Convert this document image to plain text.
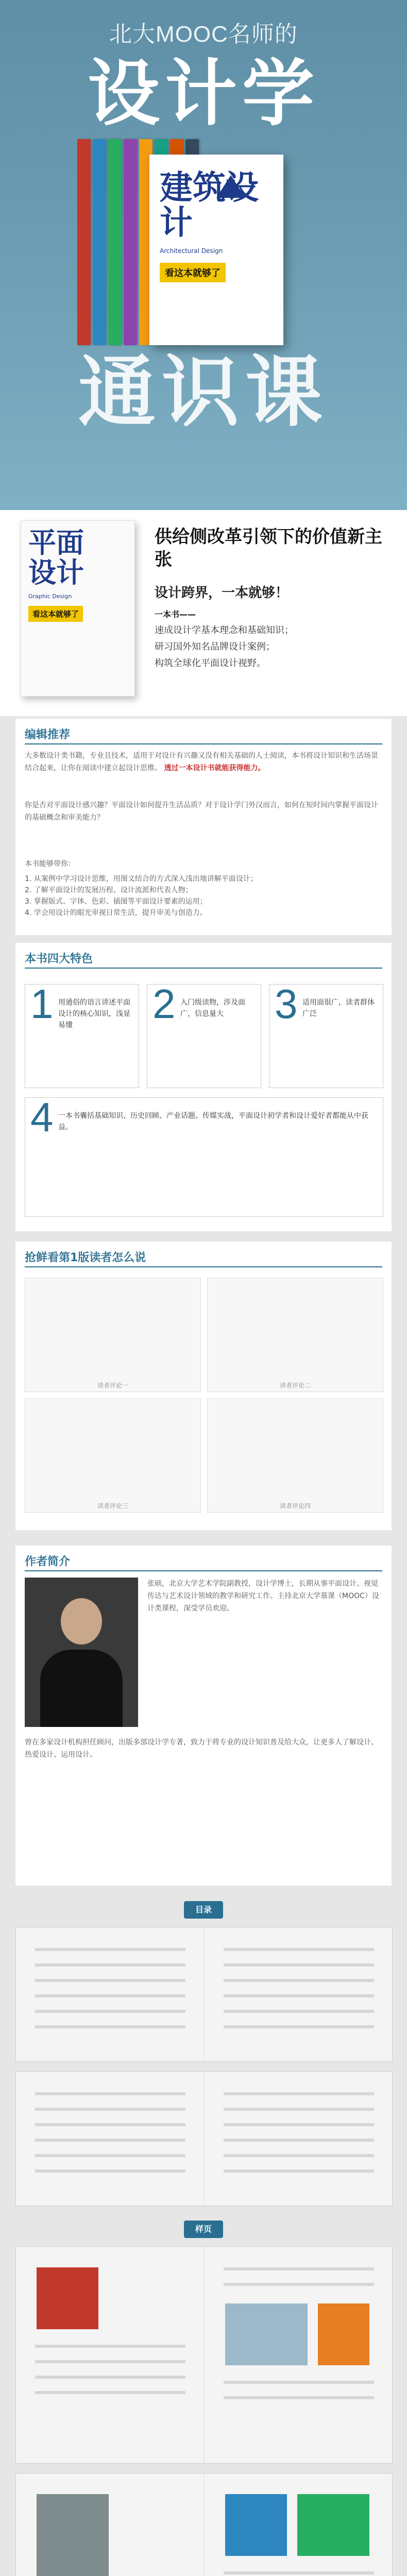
北大MOOC名师的
设计学
建筑设计
Architectural Design
看这本就够了
通识课
平面
设计
Graphic Design
看这本就够了
供给侧改革引领下的价值新主张
设计跨界，一本就够！
一本书——
速成设计学基本理念和基础知识；
研习国外知名品牌设计案例；
构筑全球化平面设计视野。
编辑推荐
大多数设计类书籍，专业且技术，适用于对设计有兴趣又没有相关基础的人士阅读，本书将设计知识和生活场景结合起来，让你在阅读中建立起设计思维。 透过一本设计书就能获得能力。
你是否对平面设计感兴趣？平面设计如何提升生活品质？对于设计学门外汉而言，如何在短时间内掌握平面设计的基础概念和审美能力？
本书能够带你：
1. 从案例中学习设计思维，用图文结合的方式深入浅出地讲解平面设计；
2. 了解平面设计的发展历程、设计流派和代表人物；
3. 掌握版式、字体、色彩、插图等平面设计要素的运用；
4. 学会用设计的眼光审视日常生活，提升审美与创造力。
本书四大特色
1 用通俗的语言讲述平面设计的核心知识，浅显易懂	2 入门级读物，涉及面广，信息量大	3 适用面很广，读者群体广泛
4 一本书囊括基础知识、历史回顾、产业话题、传媒实战，平面设计初学者和设计爱好者都能从中获益。
抢鲜看第1版读者怎么说
读者评论一	读者评论二
读者评论三	读者评论四
作者简介
张硕，北京大学艺术学院副教授，设计学博士，长期从事平面设计、视觉传达与艺术设计领域的教学和研究工作。主持北京大学慕课（MOOC）设计类课程，深受学员欢迎。
曾在多家设计机构担任顾问，出版多部设计学专著，致力于将专业的设计知识普及给大众，让更多人了解设计、热爱设计、运用设计。
目录
样页
